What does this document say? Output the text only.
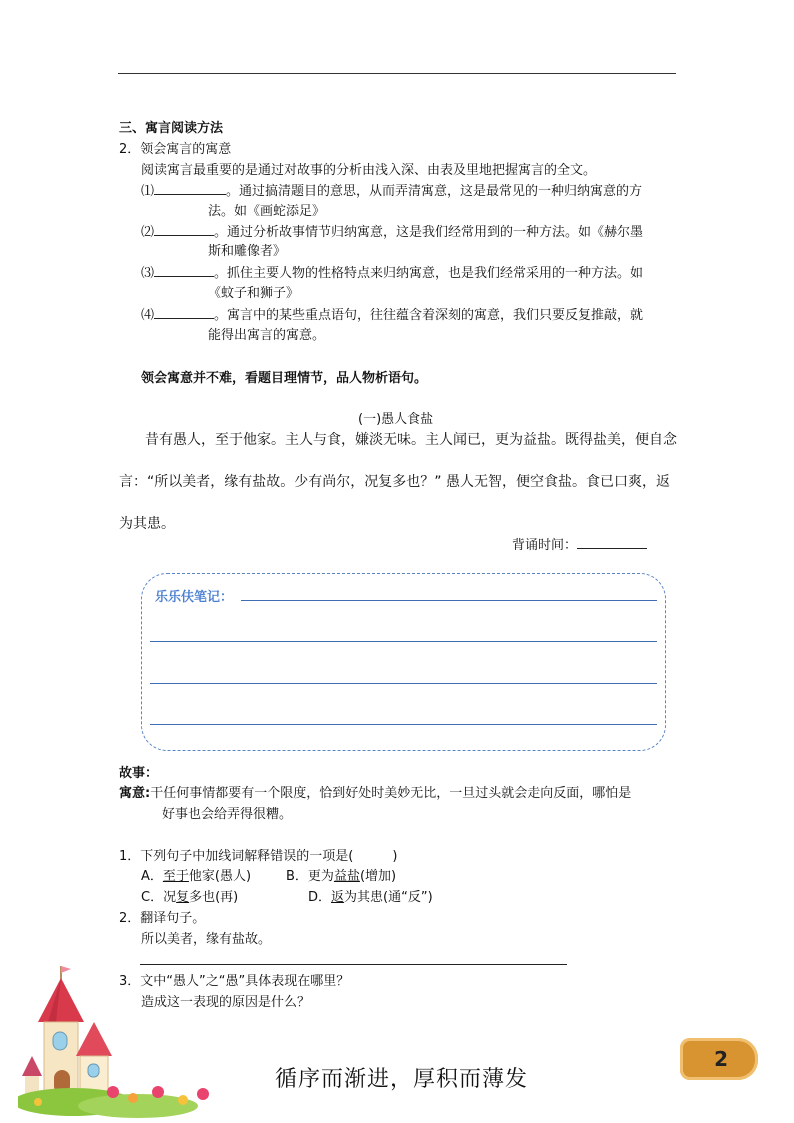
三、寓言阅读方法
2．领会寓言的寓意
阅读寓言最重要的是通过对故事的分析由浅入深、由表及里地把握寓言的全文。
⑴	。通过搞清题目的意思，从而弄清寓意，这是最常见的一种归纳寓意的方
法。如《画蛇添足》
⑵	。通过分析故事情节归纳寓意，这是我们经常用到的一种方法。如《赫尔墨
斯和雕像者》
⑶	。抓住主要人物的性格特点来归纳寓意，也是我们经常采用的一种方法。如
《蚊子和狮子》
⑷	。寓言中的某些重点语句，往往蕴含着深刻的寓意，我们只要反复推敲，就
能得出寓言的寓意。
领会寓意并不难，看题目理情节，品人物析语句。
(一)愚人食盐
昔有愚人，至于他家。主人与食，嫌淡无味。主人闻已，更为益盐。既得盐美，便自念
言：“所以美者，缘有盐故。少有尚尔，况复多也？” 愚人无智，便空食盐。食已口爽，返
为其患。
背诵时间：
乐乐伕笔记：
故事：
寓意:干任何事情都要有一个限度，恰到好处时美妙无比，一旦过头就会走向反面，哪怕是
好事也会给弄得很糟。
1．下列句子中加线词解释错误的一项是(　　　)
A．至于他家(愚人)	B．更为益盐(增加)
C．况复多也(再)	D．返为其患(通“反”)
2．翻译句子。
所以美者，缘有盐故。
3．文中“愚人”之“愚”具体表现在哪里？
造成这一表现的原因是什么？
循序而渐进，厚积而薄发
2
